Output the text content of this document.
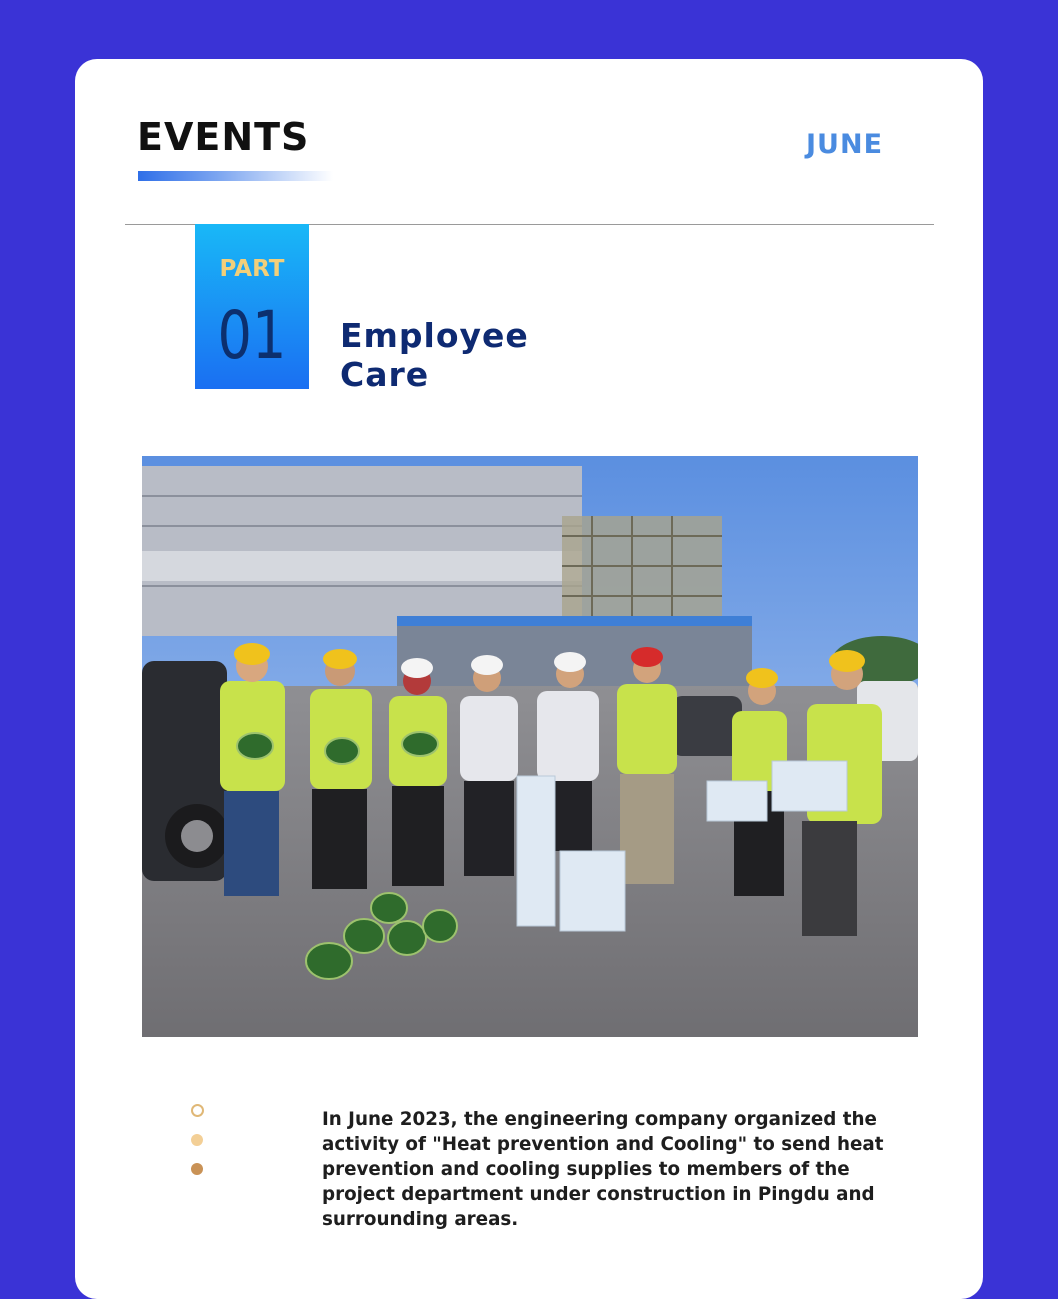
EVENTS	JUNE
PART
01	Employee
Care
In June 2023, the engineering company organized the activity of "Heat prevention and Cooling" to send heat prevention and cooling supplies to members of the project department under construction in Pingdu and surrounding areas.
